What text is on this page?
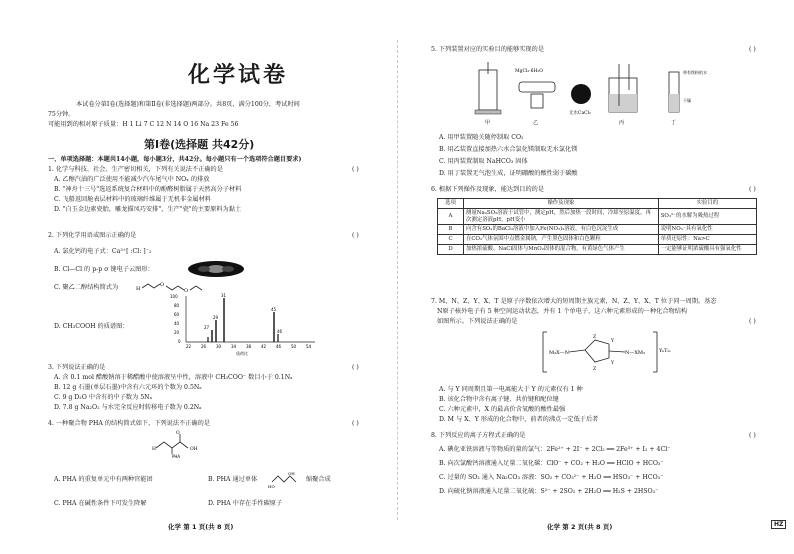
化学试卷
本试卷分第Ⅰ卷(选择题)和第Ⅱ卷(非选择题)两部分。共8页，满分100分，考试时间
75分钟。
可能用到的相对原子质量：H 1 Li 7 C 12 N 14 O 16 Na 23 Fe 56
第Ⅰ卷(选择题 共42分)
一、单项选择题：本题共14小题，每小题3分，共42分。每小题只有一个选项符合题目要求)
1. 化学与科技、社会、生产密切相关，下列有关说法不正确的是	( )
A. 乙醇汽油的广泛使用不能减少汽车尾气中 NOₓ 的排放
B. "神舟十三号"选返系统复合材料中的酚醛树脂属于天然高分子材料
C. 飞船返回舱表层材料中的玻璃纤维属于无机非金属材料
D. "白玉金边素瓷胎，雕龙描凤巧安排"，生产"瓷"的主要原料为黏土
2. 下列化学用语或图示正确的是	( )
A. 氯化钙的电子式：Ca²⁺[ :Cl: ]⁻₂
B. Cl—Cl 的 p-p σ 键电子云图形：
C. 聚乙二醇结构简式为	H
O
O
D. CH₃COOH 的质谱图：
100
80
60
40
20
0
31
29
45
27
46
22 26 30 34 38 42 46 50 54
质荷比
3. 下列说法正确的是	( )
A. 含 0.1 mol 醋酸钠溶于稀醋酸中使溶液呈中性，溶液中 CH₃COO⁻ 数目小于 0.1Nₐ
B. 12 g 石墨(单层石墨)中含有六元环的个数为 0.5Nₐ
C. 9 g D₂O 中含有的中子数为 5Nₐ
D. 7.8 g Na₂O₂ 与水完全反应时转移电子数为 0.2Nₐ
4. 一种聚合物 PHA 的结构简式如下，下列说法不正确的是	( )
O
OH
H
PHA
A. PHA 的重复单元中有两种官能团	B. PHA 通过单体
HO
OH
缩聚合成
C. PHA 在碱性条件下可发生降解	D. PHA 中存在手性碳原子
化学 第 1 页(共 8 页)
5. 下列装置对应的实验目的能够实现的是	( )
甲
MgCl₂·6H₂O
乙
无水CaCl₂
丙
带有铁粉的水
干燥
丁
A. 用甲装置随关随停制取 CO₂
B. 用乙装置直接加热六水合氯化镁制取无水氯化镁
C. 用丙装置制取 NaHCO₃ 固体
D. 用丁装置无气泡生成，证明硼酸的酸性弱于碳酸
6. 根据下列操作及现象，能达到目的的是	( )
选项	操作及现象	实验目的
A	测量Na₂SO₃溶液于试管中，测定pH，然后加热一段时间，冷却至原温度，再次测定溶液pH，pH变小	SO₃²⁻的水解为吸热过程
B	向含有SO₂的BaCl₂溶液中加入Fe(NO₃)₃溶液，有白色沉淀生成	说明NO₃⁻具有氧化性
C	在CO₂气体氛围中点燃金属钠，产生黑色固体和白色颗粒	单质还原性：Na>C
D	加热浓硫酸、NaCl固体与MnO₂固体的混合物，有黄绿色气体产生	一定能够证明浓硫酸具有强氧化性
7. M、N、Z、Y、X、T 是原子序数依次增大的短周期主族元素，N、Z、Y、X、T 位于同一周期。基态
N原子核外电子有 5 种空间运动状态，并有 1 个单电子，这六种元素形成的一种化合物结构
如图所示。下列说法正确的是	( )
M₃X—N	N—XM₃
Z
Y
Y
Z
YₖTₘ
A. 与 Y 同周期且第一电离能大于 Y 的元素仅有 1 种
B. 该化合物中含有离子键、共价键和配位键
C. 六种元素中，X 的最高价含氧酸的酸性最强
D. M 与 X、Y 形成的化合物中，前者的沸点一定低于后者
8. 下列反应的离子方程式正确的是	( )
A. 碘化亚铁溶液与等物质的量的氯气：2Fe²⁺ + 2I⁻ + 2Cl₂ ══ 2Fe³⁺ + I₂ + 4Cl⁻
B. 向次氯酸钙溶液通入足量二氧化碳：ClO⁻ + CO₂ + H₂O ══ HClO + HCO₃⁻
C. 过量的 SO₂ 通入 Na₂CO₃ 溶液：SO₂ + CO₃²⁻ + H₂O ══ HSO₃⁻ + HCO₃⁻
D. 向硫化钠溶液通入足量二氧化硫：S²⁻ + 2SO₂ + 2H₂O ══ H₂S + 2HSO₃⁻
化学 第 2 页(共 8 页)	HZ
